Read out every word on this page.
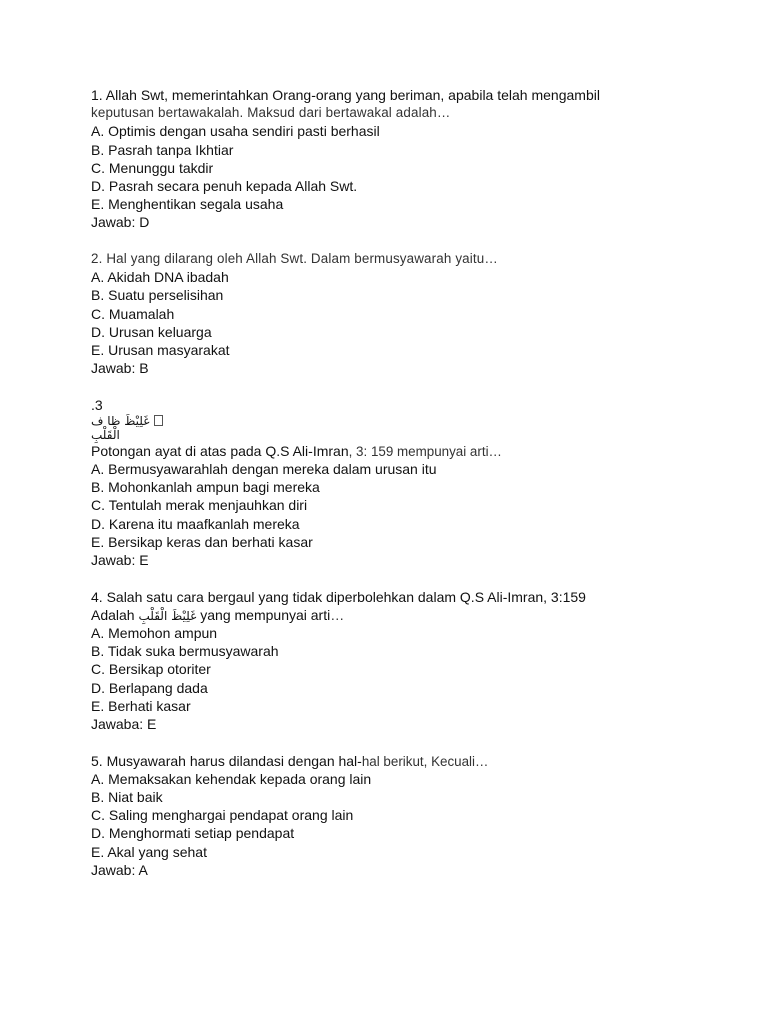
1. Allah Swt, memerintahkan Orang-orang yang beriman, apabila telah mengambil
keputusan bertawakalah. Maksud dari bertawakal adalah…
A. Optimis dengan usaha sendiri pasti berhasil
B. Pasrah tanpa Ikhtiar
C. Menunggu takdir
D. Pasrah secara penuh kepada Allah Swt.
E. Menghentikan segala usaha
Jawab: D
2. Hal yang dilarang oleh Allah Swt. Dalam bermusyawarah yaitu…
A. Akidah DNA ibadah
B. Suatu perselisihan
C. Muamalah
D. Urusan keluarga
E. Urusan masyarakat
Jawab: B
.3
غَلِيْظَ ظا ف
الْقَلْبِ
Potongan ayat di atas pada Q.S Ali-Imran, 3: 159 mempunyai arti…
A. Bermusyawarahlah dengan mereka dalam urusan itu
B. Mohonkanlah ampun bagi mereka
C. Tentulah merak menjauhkan diri
D. Karena itu maafkanlah mereka
E. Bersikap keras dan berhati kasar
Jawab: E
4. Salah satu cara bergaul yang tidak diperbolehkan dalam Q.S Ali-Imran, 3:159
Adalah غَلِيْظَ الْقَلْبِ yang mempunyai arti…
A. Memohon ampun
B. Tidak suka bermusyawarah
C. Bersikap otoriter
D. Berlapang dada
E. Berhati kasar
Jawaba: E
5. Musyawarah harus dilandasi dengan hal-hal berikut, Kecuali…
A. Memaksakan kehendak kepada orang lain
B. Niat baik
C. Saling menghargai pendapat orang lain
D. Menghormati setiap pendapat
E. Akal yang sehat
Jawab: A
